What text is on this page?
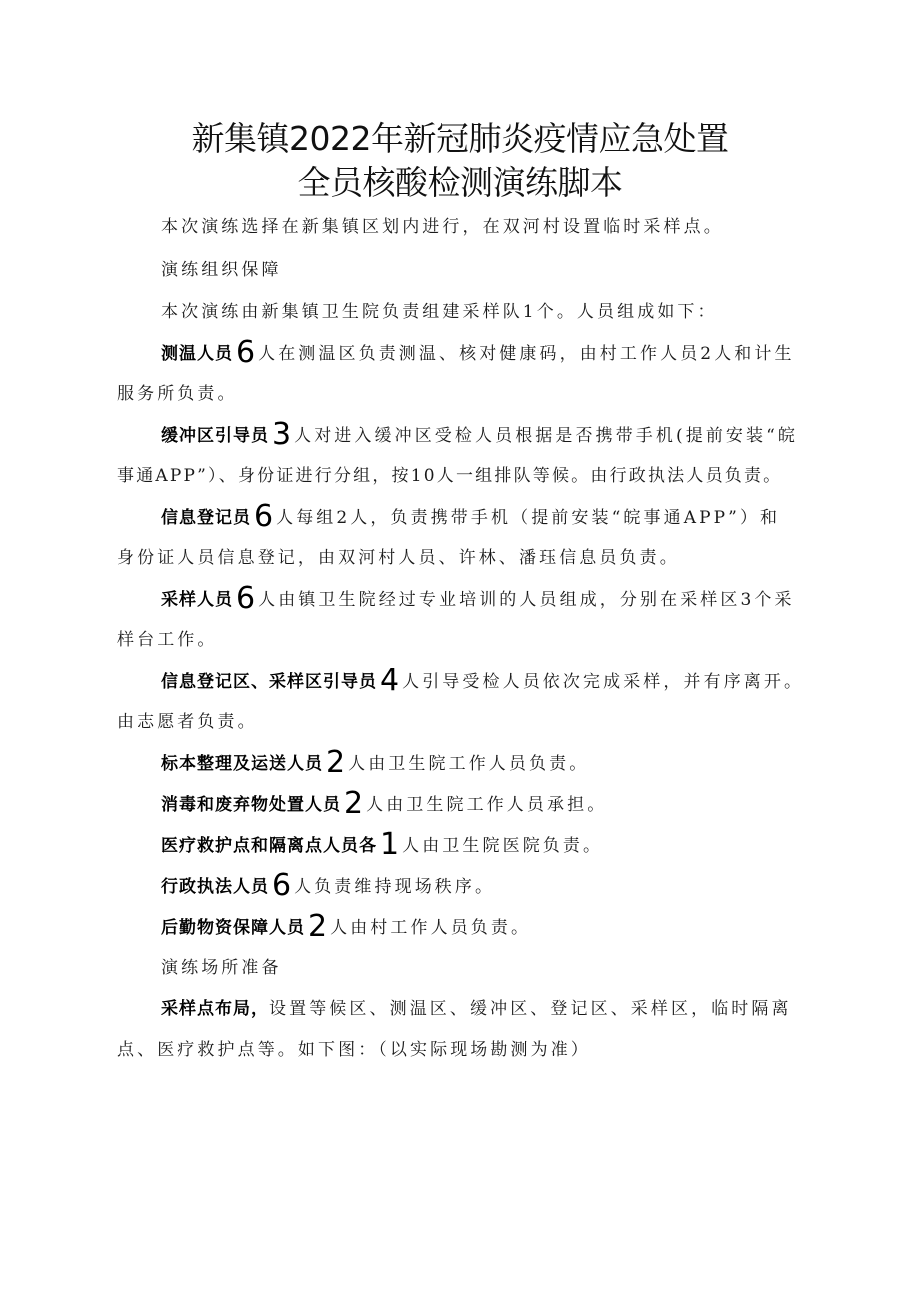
新集镇2022年新冠肺炎疫情应急处置
全员核酸检测演练脚本
本次演练选择在新集镇区划内进行，在双河村设置临时采样点。
演练组织保障
本次演练由新集镇卫生院负责组建采样队1个。人员组成如下：
测温人员 6 人在测温区负责测温、核对健康码，由村工作人员2人和计生
服务所负责。
缓冲区引导员 3 人对进入缓冲区受检人员根据是否携带手机(提前安装“皖
事通APP”）、身份证进行分组，按10人一组排队等候。由行政执法人员负责。
信息登记员 6 人每组2人，负责携带手机（提前安装“皖事通APP”）和
身份证人员信息登记，由双河村人员、许林、潘珏信息员负责。
采样人员 6 人由镇卫生院经过专业培训的人员组成，分别在采样区3个采
样台工作。
信息登记区、采样区引导员 4 人引导受检人员依次完成采样，并有序离开。
由志愿者负责。
标本整理及运送人员 2 人由卫生院工作人员负责。
消毒和废弃物处置人员 2 人由卫生院工作人员承担。
医疗救护点和隔离点人员各 1 人由卫生院医院负责。
行政执法人员 6 人负责维持现场秩序。
后勤物资保障人员 2 人由村工作人员负责。
演练场所准备
采样点布局，设置等候区、测温区、缓冲区、登记区、采样区，临时隔离
点、医疗救护点等。如下图：（以实际现场勘测为准）
